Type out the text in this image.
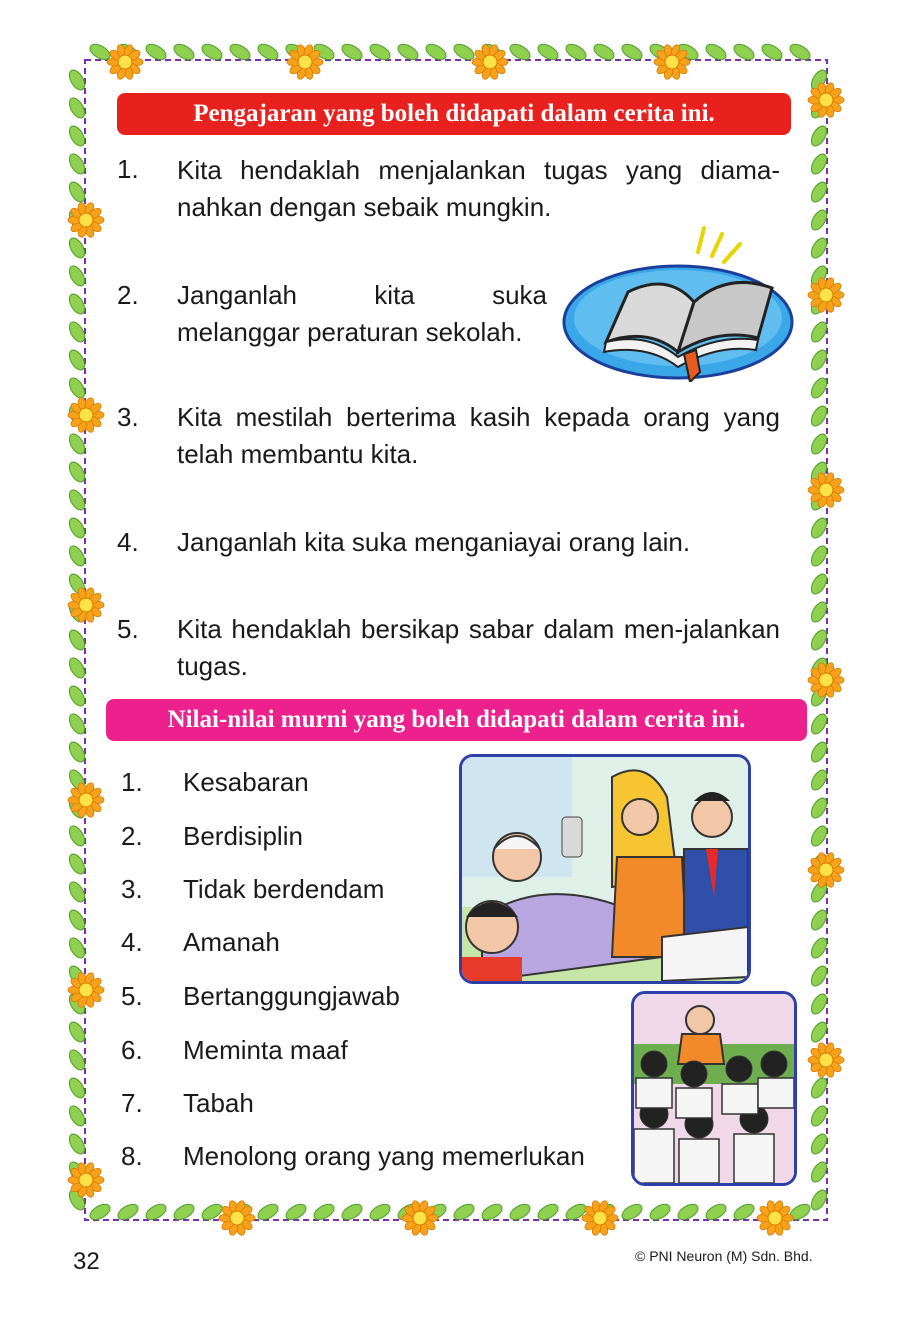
Pengajaran yang boleh didapati dalam cerita ini.
1. Kita hendaklah menjalankan tugas yang diama-nahkan dengan sebaik mungkin.
2. Janganlah kita suka
melanggar peraturan sekolah.
3. Kita mestilah berterima kasih kepada orang yang telah membantu kita.
4. Janganlah kita suka menganiayai orang lain.
5. Kita hendaklah bersikap sabar dalam men-jalankan tugas.
Nilai-nilai murni yang boleh didapati dalam cerita ini.
1. Kesabaran
2. Berdisiplin
3. Tidak berdendam
4. Amanah
5. Bertanggungjawab
6. Meminta maaf
7. Tabah
8. Menolong orang yang memerlukan
32	© PNI Neuron (M) Sdn. Bhd.
